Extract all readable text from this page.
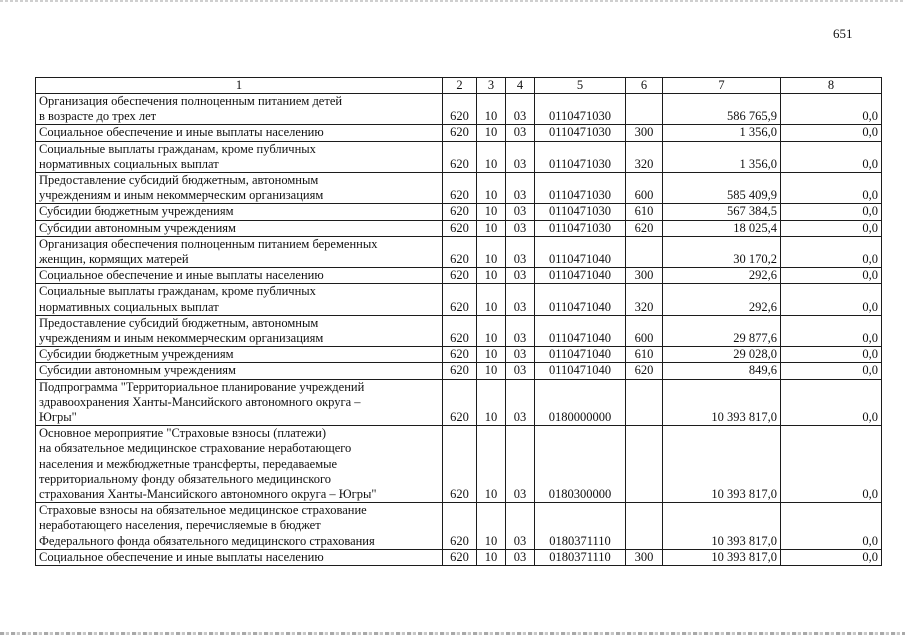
651
1	2	3	4	5	6	7	8
Организация обеспечения полноценным питанием детей
в возрасте до трех лет	620	10	03	0110471030		586 765,9	0,0
Социальное обеспечение и иные выплаты населению	620	10	03	0110471030	300	1 356,0	0,0
Социальные выплаты гражданам, кроме публичных
нормативных социальных выплат	620	10	03	0110471030	320	1 356,0	0,0
Предоставление субсидий бюджетным, автономным
учреждениям и иным некоммерческим организациям	620	10	03	0110471030	600	585 409,9	0,0
Субсидии бюджетным учреждениям	620	10	03	0110471030	610	567 384,5	0,0
Субсидии автономным учреждениям	620	10	03	0110471030	620	18 025,4	0,0
Организация обеспечения полноценным питанием беременных
женщин, кормящих матерей	620	10	03	0110471040		30 170,2	0,0
Социальное обеспечение и иные выплаты населению	620	10	03	0110471040	300	292,6	0,0
Социальные выплаты гражданам, кроме публичных
нормативных социальных выплат	620	10	03	0110471040	320	292,6	0,0
Предоставление субсидий бюджетным, автономным
учреждениям и иным некоммерческим организациям	620	10	03	0110471040	600	29 877,6	0,0
Субсидии бюджетным учреждениям	620	10	03	0110471040	610	29 028,0	0,0
Субсидии автономным учреждениям	620	10	03	0110471040	620	849,6	0,0
Подпрограмма "Территориальное планирование учреждений
здравоохранения Ханты-Мансийского автономного округа –
Югры"	620	10	03	0180000000		10 393 817,0	0,0
Основное мероприятие "Страховые взносы (платежи)
на обязательное медицинское страхование неработающего
населения и межбюджетные трансферты, передаваемые
территориальному фонду обязательного медицинского
страхования Ханты-Мансийского автономного округа – Югры"	620	10	03	0180300000		10 393 817,0	0,0
Страховые взносы на обязательное медицинское страхование
неработающего населения, перечисляемые в бюджет
Федерального фонда обязательного медицинского страхования	620	10	03	0180371110		10 393 817,0	0,0
Социальное обеспечение и иные выплаты населению	620	10	03	0180371110	300	10 393 817,0	0,0
